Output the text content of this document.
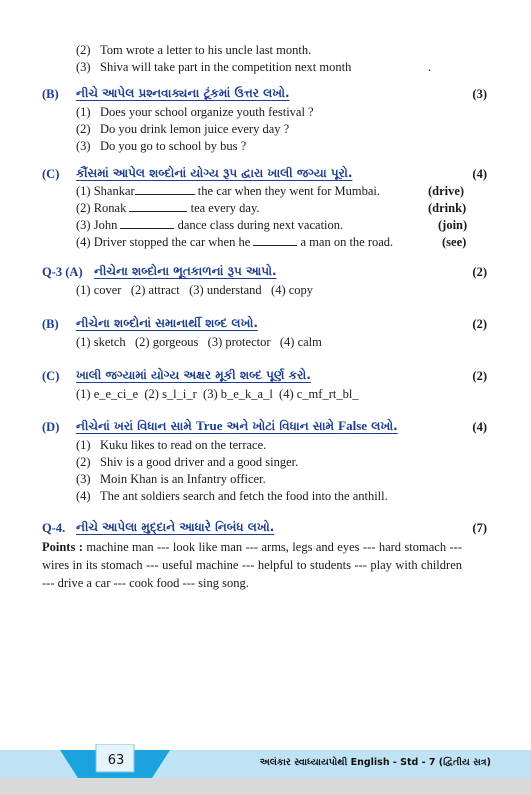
(2) Tom wrote a letter to his uncle last month.
(3) Shiva will take part in the competition next month	.
(B) નીચે આપેલ પ્રશ્નવાક્યના ટૂંકમાં ઉત્તર લખો.	(3)
(1) Does your school organize youth festival ?
(2) Do you drink lemon juice every day ?
(3) Do you go to school by bus ?
(C) કૌંસમાં આપેલ શબ્દોનાં યોગ્ય રૂપ દ્વારા ખાલી જગ્યા પૂરો.	(4)
(1) Shankar	the car when they went for Mumbai.	(drive)
(2) Ronak	tea every day.	(drink)
(3) John	dance class during next vacation.	(join)
(4) Driver stopped the car when he	a man on the road.	(see)
Q-3 (A) નીચેના શબ્દોના ભૂતકાળનાં રૂપ આપો.	(2)
(1) cover   (2) attract   (3) understand   (4) copy
(B) નીચેના શબ્દોનાં સમાનાર્થી શબ્દ લખો.	(2)
(1) sketch   (2) gorgeous   (3) protector   (4) calm
(C) ખાલી જગ્યામાં યોગ્ય અક્ષર મૂકી શબ્દ પૂર્ણ કરો.	(2)
(1) e_e_ci_e  (2) s_l_i_r  (3) b_e_k_a_l  (4) c_mf_rt_bl_
(D) નીચેનાં ખરાં વિધાન સામે True અને ખોટાં વિધાન સામે False લખો.	(4)
(1) Kuku likes to read on the terrace.
(2) Shiv is a good driver and a good singer.
(3) Moin Khan is an Infantry officer.
(4) The ant soldiers search and fetch the food into the anthill.
Q-4. નીચે આપેલા મુદ્દાને આધારે નિબંધ લખો.	(7)
Points : machine man --- look like man --- arms, legs and eyes --- hard stomach --- wires in its stomach --- useful machine --- helpful to students --- play with children --- drive a car --- cook food --- sing song.
63	અલંકાર સ્વાધ્યાયપોથી English - Std - 7 (દ્વિતીય સત્ર)
